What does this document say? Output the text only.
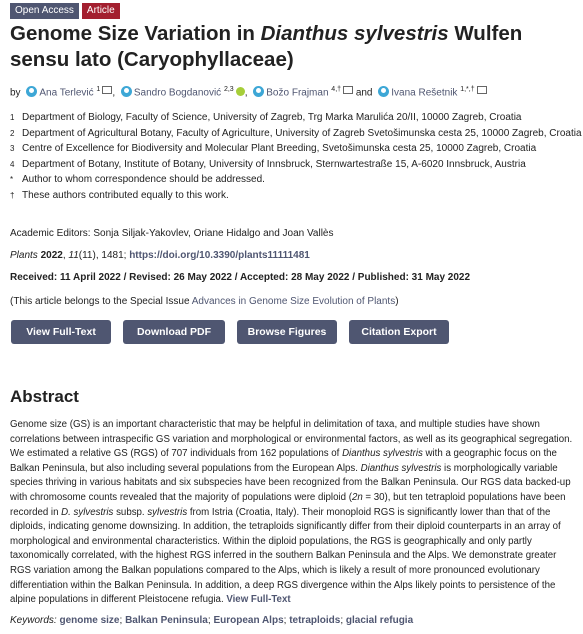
Open Access	Article
Genome Size Variation in Dianthus sylvestris Wulfen sensu lato (Caryophyllaceae)
by Ana Terlević $^1$ , Sandro Bogdanović $^{2,3}$ , Božo Frajman $^{4,\dagger}$ and Ivana Rešetnik $^{1,*,\dagger}$
1 Department of Biology, Faculty of Science, University of Zagreb, Trg Marka Marulića 20/II, 10000 Zagreb, Croatia
2 Department of Agricultural Botany, Faculty of Agriculture, University of Zagreb Svetošimunska cesta 25, 10000 Zagreb, Croatia
3 Centre of Excellence for Biodiversity and Molecular Plant Breeding, Svetošimunska cesta 25, 10000 Zagreb, Croatia
4 Department of Botany, Institute of Botany, University of Innsbruck, Sternwartestraße 15, A-6020 Innsbruck, Austria
* Author to whom correspondence should be addressed.
† These authors contributed equally to this work.
Academic Editors: Sonja Siljak-Yakovlev, Oriane Hidalgo and Joan Vallès
Plants 2022, 11(11), 1481; https://doi.org/10.3390/plants11111481
Received: 11 April 2022 / Revised: 26 May 2022 / Accepted: 28 May 2022 / Published: 31 May 2022
(This article belongs to the Special Issue Advances in Genome Size Evolution of Plants)
View Full-Text	Download PDF	Browse Figures	Citation Export
Abstract
Genome size (GS) is an important characteristic that may be helpful in delimitation of taxa, and multiple studies have shown correlations between intraspecific GS variation and morphological or environmental factors, as well as its geographical segregation. We estimated a relative GS (RGS) of 707 individuals from 162 populations of Dianthus sylvestris with a geographic focus on the Balkan Peninsula, but also including several populations from the European Alps. Dianthus sylvestris is morphologically variable species thriving in various habitats and six subspecies have been recognized from the Balkan Peninsula. Our RGS data backed-up with chromosome counts revealed that the majority of populations were diploid (2n = 30), but ten tetraploid populations have been recorded in D. sylvestris subsp. sylvestris from Istria (Croatia, Italy). Their monoploid RGS is significantly lower than that of the diploids, indicating genome downsizing. In addition, the tetraploids significantly differ from their diploid counterparts in an array of morphological and environmental characteristics. Within the diploid populations, the RGS is geographically and only partly taxonomically correlated, with the highest RGS inferred in the southern Balkan Peninsula and the Alps. We demonstrate greater RGS variation among the Balkan populations compared to the Alps, which is likely a result of more pronounced evolutionary differentiation within the Balkan Peninsula. In addition, a deep RGS divergence within the Alps likely points to persistence of the alpine populations in different Pleistocene refugia. View Full-Text
Keywords: genome size; Balkan Peninsula; European Alps; tetraploids; glacial refugia
